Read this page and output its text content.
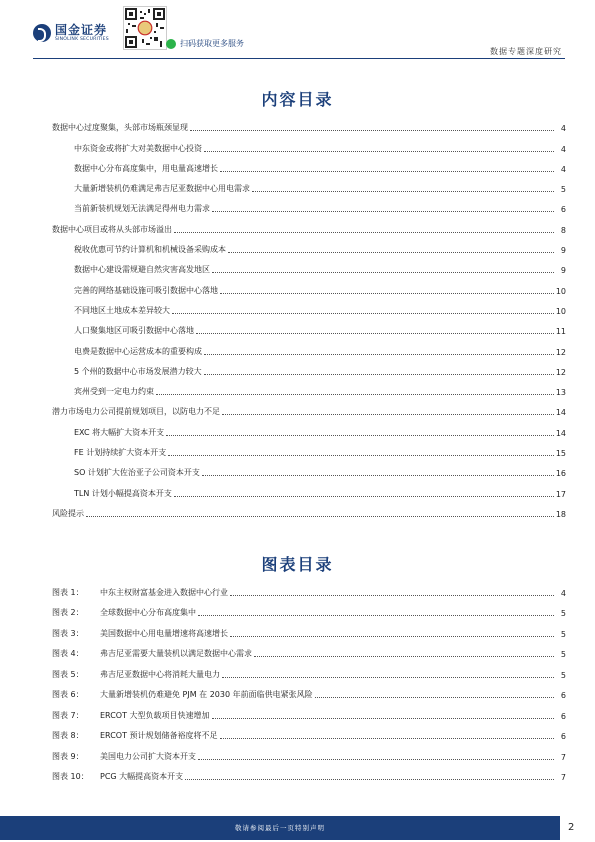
国金证券
SINOLINK SECURITIES	扫码获取更多服务
数据专题深度研究
内容目录
数据中心过度聚集，头部市场瓶颈显现	4
中东资金或将扩大对美数据中心投资	4
数据中心分布高度集中，用电量高速增长	4
大量新增装机仍难满足弗吉尼亚数据中心用电需求	5
当前新装机规划无法满足得州电力需求	6
数据中心项目或将从头部市场溢出	8
税收优惠可节约计算机和机械设备采购成本	9
数据中心建设需规避自然灾害高发地区	9
完善的网络基础设施可吸引数据中心落地	10
不同地区土地成本差异较大	10
人口聚集地区可吸引数据中心落地	11
电费是数据中心运营成本的重要构成	12
5 个州的数据中心市场发展潜力较大	12
宾州受到一定电力约束	13
潜力市场电力公司提前规划项目，以防电力不足	14
EXC 将大幅扩大资本开支	14
FE 计划持续扩大资本开支	15
SO 计划扩大佐治亚子公司资本开支	16
TLN 计划小幅提高资本开支	17
风险提示	18
图表目录
图表 1：	中东主权财富基金进入数据中心行业	4
图表 2：	全球数据中心分布高度集中	5
图表 3：	美国数据中心用电量增速将高速增长	5
图表 4：	弗吉尼亚需要大量装机以满足数据中心需求	5
图表 5：	弗吉尼亚数据中心将消耗大量电力	5
图表 6：	大量新增装机仍难避免 PJM 在 2030 年前面临供电紧张风险	6
图表 7：	ERCOT 大型负载项目快速增加	6
图表 8：	ERCOT 预计规划储备裕度将不足	6
图表 9：	美国电力公司扩大资本开支	7
图表 10：	PCG 大幅提高资本开支	7
敬请参阅最后一页特别声明	2
